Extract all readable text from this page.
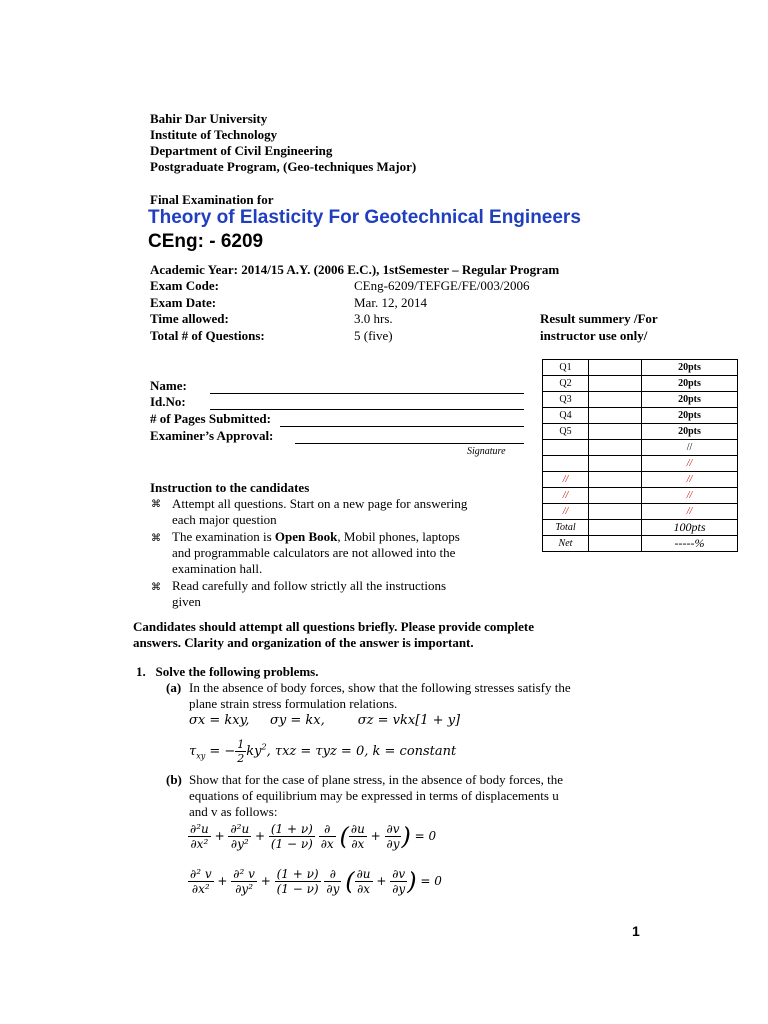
Bahir Dar University
Institute of Technology
Department of Civil Engineering
Postgraduate Program, (Geo-techniques Major)
Final Examination for
Theory of Elasticity For Geotechnical Engineers
CEng: - 6209
Academic Year: 2014/15 A.Y. (2006 E.C.), 1stSemester – Regular Program
Exam Code:	CEng-6209/TEFGE/FE/003/2006
Exam Date:	Mar. 12, 2014
Time allowed:	3.0 hrs.
Total # of Questions:	5 (five)
Result summery /For
instructor use only/
Name:
Id.No:
# of Pages Submitted:
Examiner’s Approval:
Signature
Q1		20pts
Q2		20pts
Q3		20pts
Q4		20pts
Q5		20pts
		//
		//
//		//
//		//
//		//
Total		100pts
Net		-----%
Instruction to the candidates
⌘ Attempt all questions. Start on a new page for answering
each major question
⌘ The examination is Open Book, Mobil phones, laptops
and programmable calculators are not allowed into the
examination hall.
⌘ Read carefully and follow strictly all the instructions
given
Candidates should attempt all questions briefly. Please provide complete
answers. Clarity and organization of the answer is important.
1.   Solve the following problems.
(a) In the absence of body forces, show that the following stresses satisfy the
plane strain stress formulation relations.
σx = kxy,     σy = kx,        σz = vkx[1 + y]
$\tau_{xy}$ = − $\frac{1}{2} ky^2$, τxz = τyz = 0, k = constant
(b) Show that for the case of plane stress, in the absence of body forces, the
equations of equilibrium may be expressed in terms of displacements u
and v as follows:
$\frac{\text{∂²u}}{\text{∂x²}} + \frac{\text{∂²u}}{\text{∂y²}} + \frac{(1 + \nu)}{(1 - \nu)}$
$\frac{\partial}{\partial x}$ ( $\frac{\partial u}{\partial x} + \frac{\partial v}{\partial y}$ ) = 0
$\frac{\text{∂² v}}{\text{∂x²}} + \frac{\text{∂² v}}{\text{∂y²}} + \frac{(1 + \nu)}{(1 - \nu)}$
$\frac{\partial}{\partial y}$ ( $\frac{\partial u}{\partial x} + \frac{\partial v}{\partial y}$ ) = 0
1
